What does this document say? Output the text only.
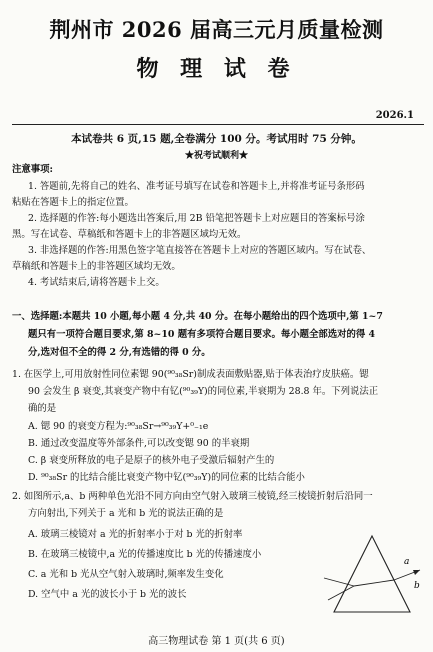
荆州市 2026 届高三元月质量检测
物 理 试 卷
2026.1
本试卷共 6 页,15 题,全卷满分 100 分。考试用时 75 分钟。
★祝考试顺利★
注意事项:
1. 答题前,先将自己的姓名、准考证号填写在试卷和答题卡上,并将准考证号条形码
粘贴在答题卡上的指定位置。
2. 选择题的作答:每小题选出答案后,用 2B 铅笔把答题卡上对应题目的答案标号涂
黑。写在试卷、草稿纸和答题卡上的非答题区域均无效。
3. 非选择题的作答:用黑色签字笔直接答在答题卡上对应的答题区域内。写在试卷、
草稿纸和答题卡上的非答题区域均无效。
4. 考试结束后,请将答题卡上交。
一、选择题:本题共 10 小题,每小题 4 分,共 40 分。在每小题给出的四个选项中,第 1~7
题只有一项符合题目要求,第 8~10 题有多项符合题目要求。每小题全部选对的得 4
分,选对但不全的得 2 分,有选错的得 0 分。
1. 在医学上,可用放射性同位素锶 90(⁹⁰₃₈Sr)制成表面敷贴器,贴于体表治疗皮肤癌。锶
90 会发生 β 衰变,其衰变产物中有钇(⁹⁰₃₉Y)的同位素,半衰期为 28.8 年。下列说法正
确的是
A. 锶 90 的衰变方程为:⁹⁰₃₈Sr→⁹⁰₃₉Y+⁰₋₁e
B. 通过改变温度等外部条件,可以改变锶 90 的半衰期
C. β 衰变所释放的电子是原子的核外电子受激后辐射产生的
D. ⁹⁰₃₈Sr 的比结合能比衰变产物中钇(⁹⁰₃₉Y)的同位素的比结合能小
2. 如图所示,a、b 两种单色光沿不同方向由空气射入玻璃三棱镜,经三棱镜折射后沿同一
方向射出,下列关于 a 光和 b 光的说法正确的是
A. 玻璃三棱镜对 a 光的折射率小于对 b 光的折射率
B. 在玻璃三棱镜中,a 光的传播速度比 b 光的传播速度小
C. a 光和 b 光从空气射入玻璃时,频率发生变化
D. 空气中 a 光的波长小于 b 光的波长
a
b
高三物理试卷 第 1 页(共 6 页)
